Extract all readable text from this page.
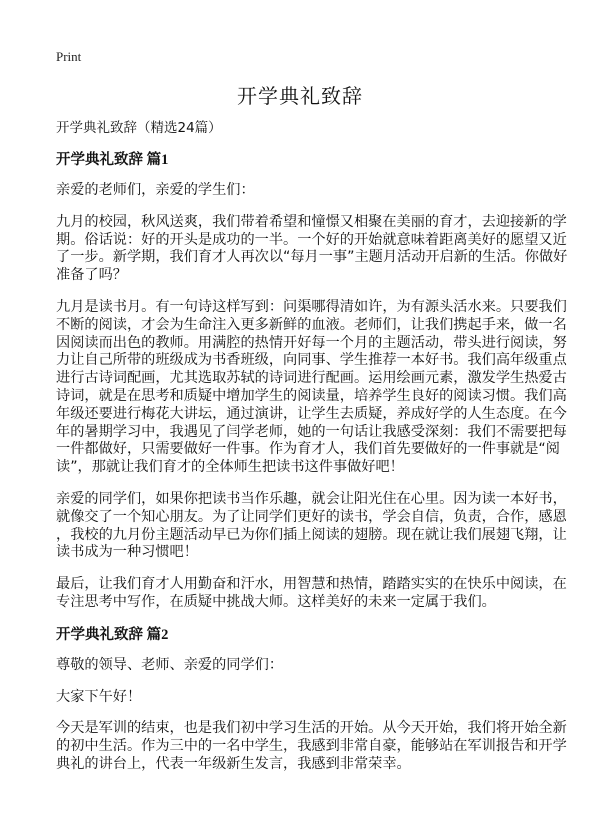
Print
开学典礼致辞
开学典礼致辞（精选24篇）
开学典礼致辞 篇1

亲爱的老师们，亲爱的学生们：

九月的校园，秋风送爽，我们带着希望和憧憬又相聚在美丽的育才，去迎接新的学
期。俗话说：好的开头是成功的一半。一个好的开始就意味着距离美好的愿望又近
了一步。新学期，我们育才人再次以“每月一事”主题月活动开启新的生活。你做好
准备了吗？

九月是读书月。有一句诗这样写到：问渠哪得清如许，为有源头活水来。只要我们
不断的阅读，才会为生命注入更多新鲜的血液。老师们，让我们携起手来，做一名
因阅读而出色的教师。用满腔的热情开好每一个月的主题活动，带头进行阅读，努
力让自己所带的班级成为书香班级，向同事、学生推荐一本好书。我们高年级重点
进行古诗词配画，尤其选取苏轼的诗词进行配画。运用绘画元素，激发学生热爱古
诗词，就是在思考和质疑中增加学生的阅读量，培养学生良好的阅读习惯。我们高
年级还要进行梅花大讲坛，通过演讲，让学生去质疑，养成好学的人生态度。在今
年的暑期学习中，我遇见了闫学老师，她的一句话让我感受深刻：我们不需要把每
一件都做好，只需要做好一件事。作为育才人，我们首先要做好的一件事就是“阅
读”，那就让我们育才的全体师生把读书这件事做好吧！

亲爱的同学们，如果你把读书当作乐趣，就会让阳光住在心里。因为读一本好书，
就像交了一个知心朋友。为了让同学们更好的读书，学会自信，负责，合作，感恩
，我校的九月份主题活动早已为你们插上阅读的翅膀。现在就让我们展翅飞翔，让
读书成为一种习惯吧！

最后，让我们育才人用勤奋和汗水，用智慧和热情，踏踏实实的在快乐中阅读，在
专注思考中写作，在质疑中挑战大师。这样美好的未来一定属于我们。

开学典礼致辞 篇2

尊敬的领导、老师、亲爱的同学们：

大家下午好！

今天是军训的结束，也是我们初中学习生活的开始。从今天开始，我们将开始全新
的初中生活。作为三中的一名中学生，我感到非常自豪，能够站在军训报告和开学
典礼的讲台上，代表一年级新生发言，我感到非常荣幸。
